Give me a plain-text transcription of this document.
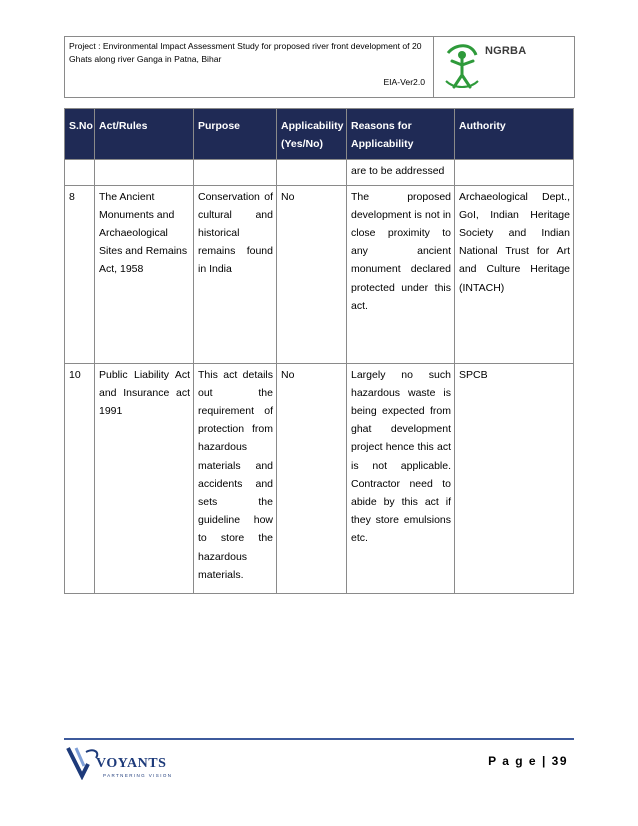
Project : Environmental Impact Assessment Study for proposed river front development of 20 Ghats along river Ganga in Patna, Bihar
EIA-Ver2.0
NGRBA
S.No	Act/Rules	Purpose	Applicability (Yes/No)	Reasons for Applicability	Authority
				are to be addressed	
8	The Ancient Monuments and Archaeological Sites and Remains Act, 1958	Conservation of cultural and historical remains found in India	No	The proposed development is not in close proximity to any ancient monument declared protected under this act.	Archaeological Dept., GoI, Indian Heritage Society and Indian National Trust for Art and Culture Heritage (INTACH)
10	Public Liability Act and Insurance act 1991	This act details out the requirement of protection from hazardous materials and accidents and sets the guideline how to store the hazardous materials.	No	Largely no such hazardous waste is being expected from ghat development project hence this act is not applicable. Contractor need to abide by this act if they store emulsions etc.	SPCB
VOYANTS
PARTNERING VISION
P a g e | 39
